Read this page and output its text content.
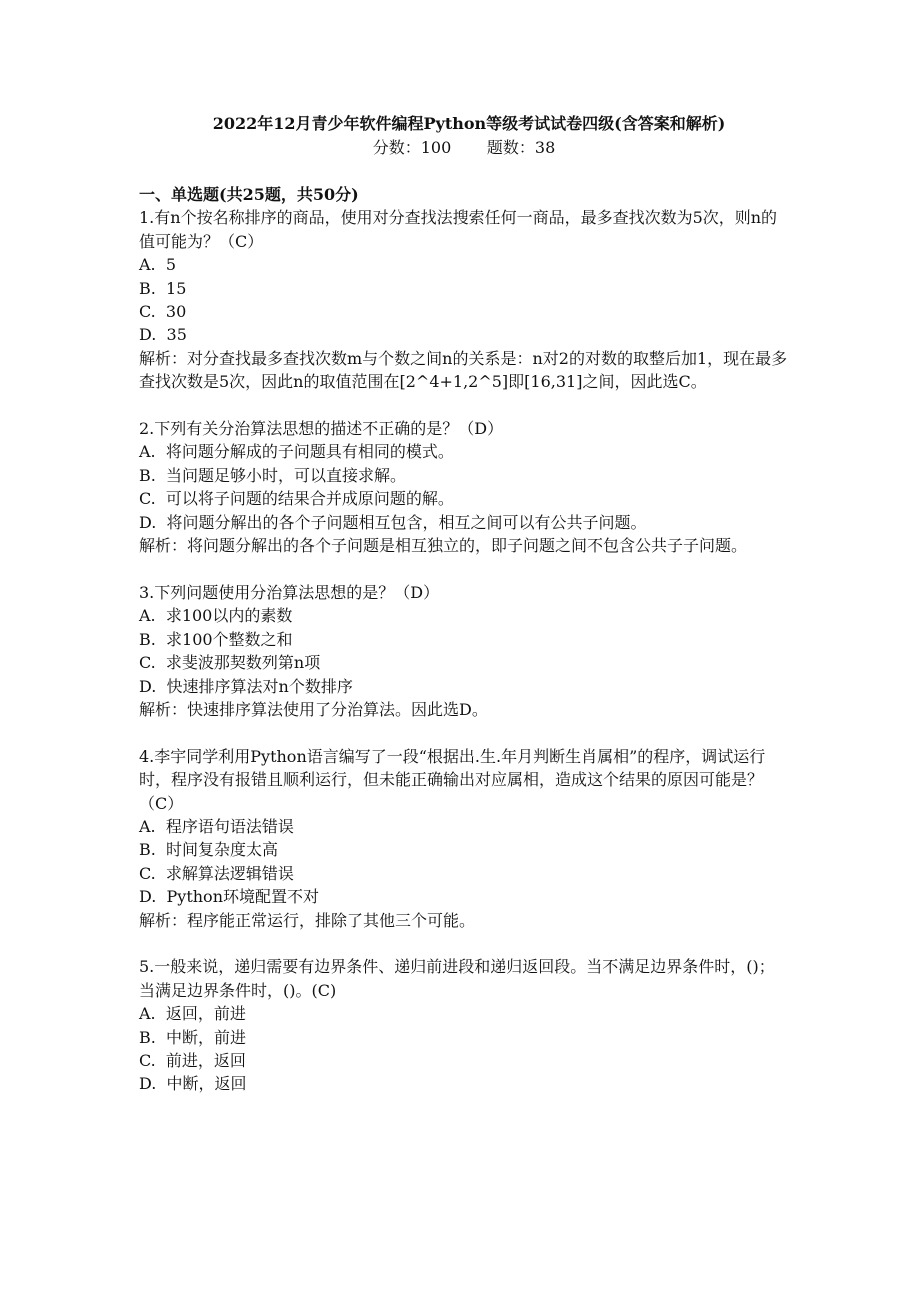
2022年12月青少年软件编程Python等级考试试卷四级(含答案和解析)
分数：100 题数：38
一、单选题(共25题，共50分)
1.有n个按名称排序的商品，使用对分查找法搜索任何一商品，最多查找次数为5次，则n的值可能为？（C）
A.  5
B.  15
C.  30
D.  35
解析：对分查找最多查找次数m与个数之间n的关系是：n对2的对数的取整后加1，现在最多查找次数是5次，因此n的取值范围在[2^4+1,2^5]即[16,31]之间，因此选C。
2.下列有关分治算法思想的描述不正确的是？（D）
A.  将问题分解成的子问题具有相同的模式。
B.  当问题足够小时，可以直接求解。
C.  可以将子问题的结果合并成原问题的解。
D.  将问题分解出的各个子问题相互包含，相互之间可以有公共子问题。
解析：将问题分解出的各个子问题是相互独立的，即子问题之间不包含公共子子问题。
3.下列问题使用分治算法思想的是？（D）
A.  求100以内的素数
B.  求100个整数之和
C.  求斐波那契数列第n项
D.  快速排序算法对n个数排序
解析：快速排序算法使用了分治算法。因此选D。
4.李宇同学利用Python语言编写了一段“根据出.生.年月判断生肖属相”的程序，调试运行时，程序没有报错且顺利运行，但未能正确输出对应属相，造成这个结果的原因可能是？（C）
A.  程序语句语法错误
B.  时间复杂度太高
C.  求解算法逻辑错误
D.  Python环境配置不对
解析：程序能正常运行，排除了其他三个可能。
5.一般来说，递归需要有边界条件、递归前进段和递归返回段。当不满足边界条件时，()；当满足边界条件时，()。(C)
A.  返回，前进
B.  中断，前进
C.  前进，返回
D.  中断，返回
